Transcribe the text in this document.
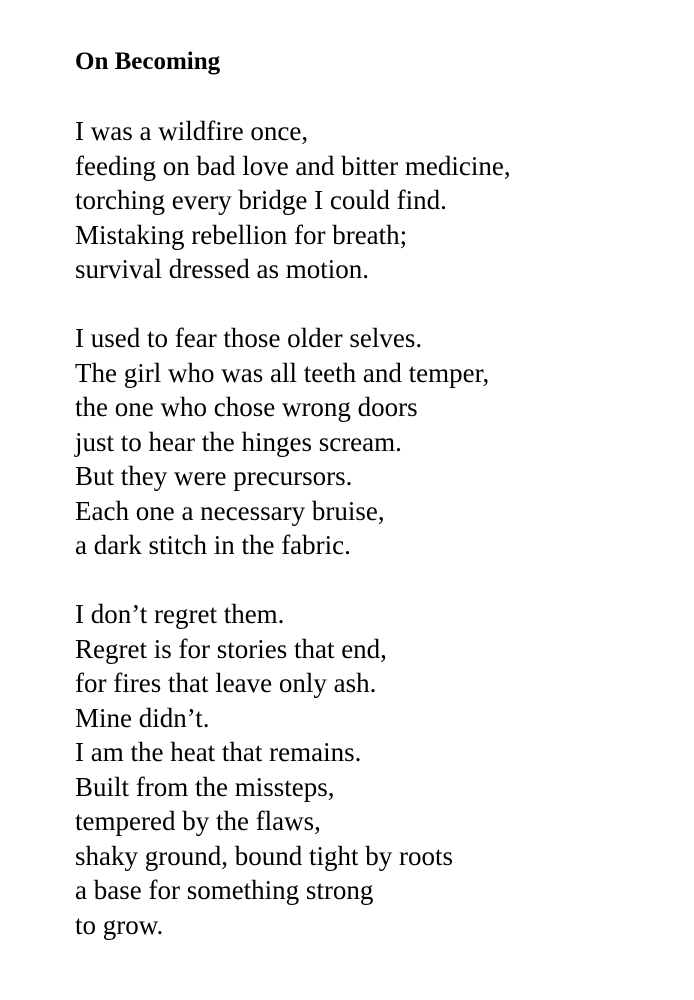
On Becoming
I was a wildfire once,
feeding on bad love and bitter medicine,
torching every bridge I could find.
Mistaking rebellion for breath;
survival dressed as motion.
I used to fear those older selves.
The girl who was all teeth and temper,
the one who chose wrong doors
just to hear the hinges scream.
But they were precursors.
Each one a necessary bruise,
a dark stitch in the fabric.
I don’t regret them.
Regret is for stories that end,
for fires that leave only ash.
Mine didn’t.
I am the heat that remains.
Built from the missteps,
tempered by the flaws,
shaky ground, bound tight by roots
a base for something strong
to grow.
